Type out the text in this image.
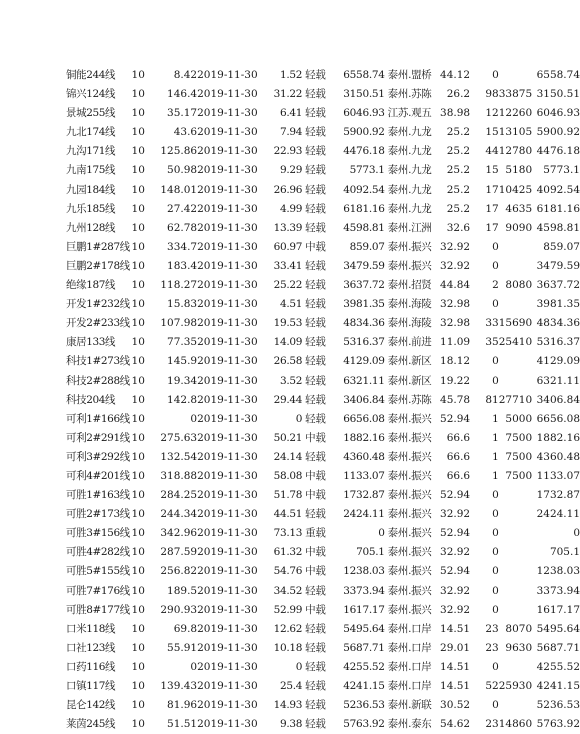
铜能244线	10	8.42	2019-11-30	1.52 轻载	6558.74 泰州.盟桥	44.12	0		6558.74
锦兴124线	10	146.4	2019-11-30	31.22 轻载	3150.51 泰州.苏陈	26.2	98	33875	3150.51
景城255线	10	35.17	2019-11-30	6.41 轻载	6046.93 江苏.观五	38.98	12	12260	6046.93
九北174线	10	43.6	2019-11-30	7.94 轻载	5900.92 泰州.九龙	25.2	15	13105	5900.92
九沟171线	10	125.86	2019-11-30	22.93 轻载	4476.18 泰州.九龙	25.2	44	12780	4476.18
九南175线	10	50.98	2019-11-30	9.29 轻载	5773.1 泰州.九龙	25.2	15	5180	5773.1
九园184线	10	148.01	2019-11-30	26.96 轻载	4092.54 泰州.九龙	25.2	17	10425	4092.54
九乐185线	10	27.42	2019-11-30	4.99 轻载	6181.16 泰州.九龙	25.2	17	4635	6181.16
九州128线	10	62.78	2019-11-30	13.39 轻载	4598.81 泰州.江洲	32.6	17	9090	4598.81
巨鹏1#287线	10	334.7	2019-11-30	60.97 中载	859.07 泰州.振兴	32.92	0		859.07
巨鹏2#178线	10	183.4	2019-11-30	33.41 轻载	3479.59 泰州.振兴	32.92	0		3479.59
绝缘187线	10	118.27	2019-11-30	25.22 轻载	3637.72 泰州.招贤	44.84	2	8080	3637.72
开发1#232线	10	15.83	2019-11-30	4.51 轻载	3981.35 泰州.海陵	32.98	0		3981.35
开发2#233线	10	107.98	2019-11-30	19.53 轻载	4834.36 泰州.海陵	32.98	33	15690	4834.36
康居133线	10	77.35	2019-11-30	14.09 轻载	5316.37 泰州.前进	11.09	35	25410	5316.37
科技1#273线	10	145.9	2019-11-30	26.58 轻载	4129.09 泰州.新区	18.12	0		4129.09
科技2#288线	10	19.34	2019-11-30	3.52 轻载	6321.11 泰州.新区	19.22	0		6321.11
科技204线	10	142.8	2019-11-30	29.44 轻载	3406.84 泰州.苏陈	45.78	81	27710	3406.84
可利1#166线	10	0	2019-11-30	0 轻载	6656.08 泰州.振兴	52.94	1	5000	6656.08
可利2#291线	10	275.63	2019-11-30	50.21 中载	1882.16 泰州.振兴	66.6	1	7500	1882.16
可利3#292线	10	132.54	2019-11-30	24.14 轻载	4360.48 泰州.振兴	66.6	1	7500	4360.48
可利4#201线	10	318.88	2019-11-30	58.08 中载	1133.07 泰州.振兴	66.6	1	7500	1133.07
可胜1#163线	10	284.25	2019-11-30	51.78 中载	1732.87 泰州.振兴	52.94	0		1732.87
可胜2#173线	10	244.34	2019-11-30	44.51 轻载	2424.11 泰州.振兴	32.92	0		2424.11
可胜3#156线	10	342.96	2019-11-30	73.13 重载	0 泰州.振兴	52.94	0		0
可胜4#282线	10	287.59	2019-11-30	61.32 中载	705.1 泰州.振兴	32.92	0		705.1
可胜5#155线	10	256.82	2019-11-30	54.76 中载	1238.03 泰州.振兴	52.94	0		1238.03
可胜7#176线	10	189.5	2019-11-30	34.52 轻载	3373.94 泰州.振兴	32.92	0		3373.94
可胜8#177线	10	290.93	2019-11-30	52.99 中载	1617.17 泰州.振兴	32.92	0		1617.17
口米118线	10	69.8	2019-11-30	12.62 轻载	5495.64 泰州.口岸	14.51	23	8070	5495.64
口社123线	10	55.91	2019-11-30	10.18 轻载	5687.71 泰州.口岸	29.01	23	9630	5687.71
口药116线	10	0	2019-11-30	0 轻载	4255.52 泰州.口岸	14.51	0		4255.52
口镇117线	10	139.43	2019-11-30	25.4 轻载	4241.15 泰州.口岸	14.51	52	25930	4241.15
昆仑142线	10	81.96	2019-11-30	14.93 轻载	5236.53 泰州.新联	30.52	0		5236.53
莱茵245线	10	51.51	2019-11-30	9.38 轻载	5763.92 泰州.泰东	54.62	23	14860	5763.92
